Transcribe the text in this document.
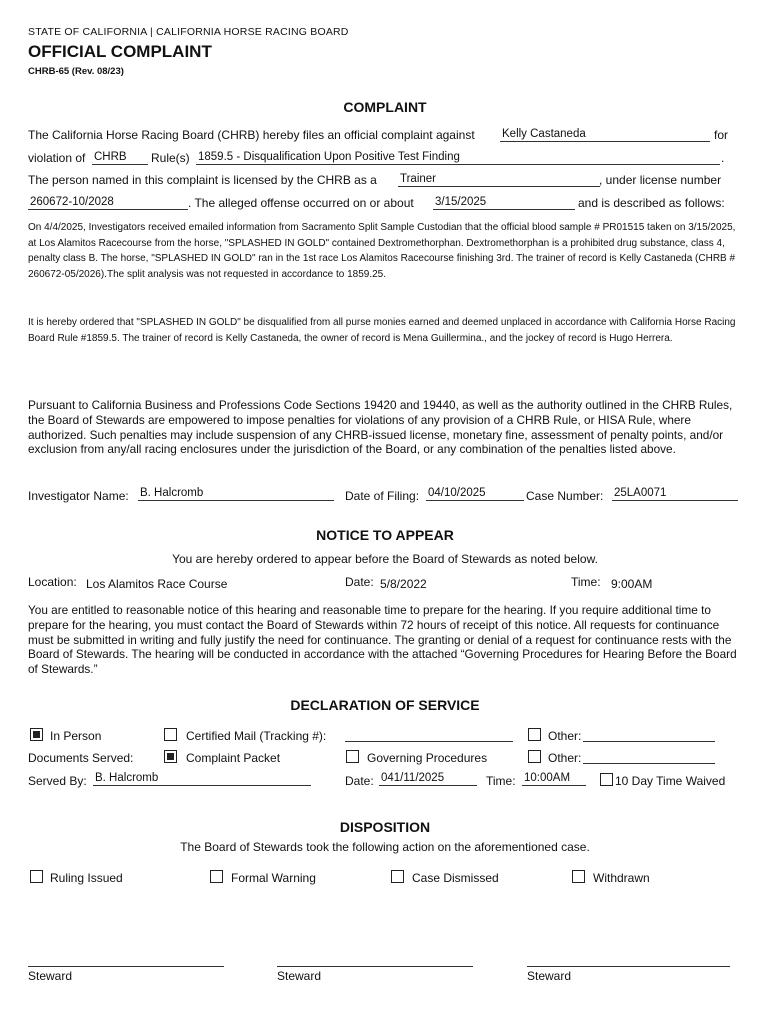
STATE OF CALIFORNIA | CALIFORNIA HORSE RACING BOARD
OFFICIAL COMPLAINT
CHRB-65 (Rev. 08/23)
COMPLAINT
The California Horse Racing Board (CHRB) hereby files an official complaint against Kelly Castaneda	for
violation of CHRB	Rule(s) 1859.5 - Disqualification Upon Positive Test Finding	.
The person named in this complaint is licensed by the CHRB as a Trainer	, under license number
260672-10/2028	. The alleged offense occurred on or about 3/15/2025	and is described as follows:
On 4/4/2025, Investigators received emailed information from Sacramento Split Sample Custodian that the official blood sample # PR01515 taken on 3/15/2025, at Los Alamitos Racecourse from the horse, "SPLASHED IN GOLD" contained Dextromethorphan. Dextromethorphan is a prohibited drug substance, class 4, penalty class B. The horse, "SPLASHED IN GOLD" ran in the 1st race Los Alamitos Racecourse finishing 3rd. The trainer of record is Kelly Castaneda (CHRB # 260672-05/2026).The split analysis was not requested in accordance to 1859.25.
It is hereby ordered that "SPLASHED IN GOLD" be disqualified from all purse monies earned and deemed unplaced in accordance with California Horse Racing Board Rule #1859.5. The trainer of record is Kelly Castaneda, the owner of record is Mena Guillermina., and the jockey of record is Hugo Herrera.
Pursuant to California Business and Professions Code Sections 19420 and 19440, as well as the authority outlined in the CHRB Rules, the Board of Stewards are empowered to impose penalties for violations of any provision of a CHRB Rule, or HISA Rule, where authorized. Such penalties may include suspension of any CHRB-issued license, monetary fine, assessment of penalty points, and/or exclusion from any/all racing enclosures under the jurisdiction of the Board, or any combination of the penalties listed above.
Investigator Name: B. Halcromb	Date of Filing: 04/10/2025	Case Number: 25LA0071
NOTICE TO APPEAR
You are hereby ordered to appear before the Board of Stewards as noted below.
Location: Los Alamitos Race Course	Date: 5/8/2022	Time: 9:00AM
You are entitled to reasonable notice of this hearing and reasonable time to prepare for the hearing. If you require additional time to prepare for the hearing, you must contact the Board of Stewards within 72 hours of receipt of this notice. All requests for continuance must be submitted in writing and fully justify the need for continuance. The granting or denial of a request for continuance rests with the Board of Stewards. The hearing will be conducted in accordance with the attached “Governing Procedures for Hearing Before the Board of Stewards.”
DECLARATION OF SERVICE
In Person	Certified Mail (Tracking #):	Other:
Documents Served:	Complaint Packet	Governing Procedures	Other:
Served By: B. Halcromb	Date: 041/11/2025	Time: 10:00AM	10 Day Time Waived
DISPOSITION
The Board of Stewards took the following action on the aforementioned case.
Ruling Issued	Formal Warning	Case Dismissed	Withdrawn
Steward	Steward	Steward
